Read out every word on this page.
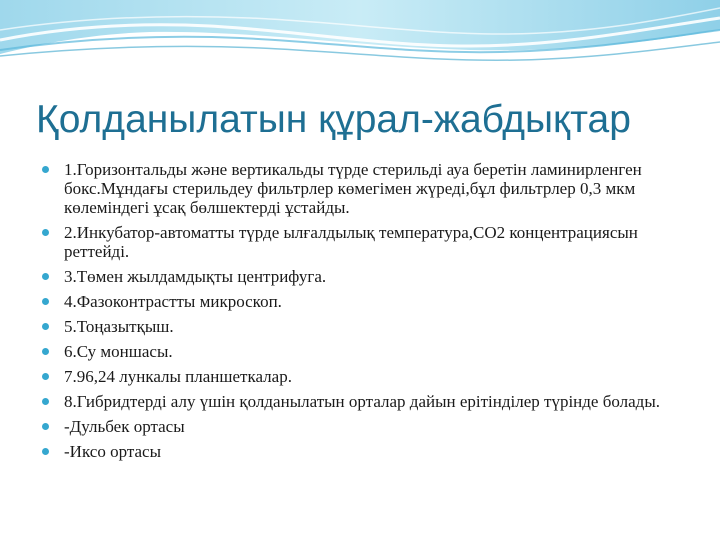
Қолданылатын құрал-жабдықтар
1.Горизонтальды және вертикальды түрде стерильді ауа беретін ламинирленген бокс.Мұндағы стерильдеу фильтрлер көмегімен жүреді,бұл фильтрлер 0,3 мкм көлеміндегі ұсақ бөлшектерді ұстайды.
2.Инкубатор-автоматты түрде ылғалдылық температура,СО2 концентрациясын реттейді.
3.Төмен жылдамдықты центрифуга.
4.Фазоконтрастты микроскоп.
5.Тоңазытқыш.
6.Су моншасы.
7.96,24 лункалы планшеткалар.
8.Гибридтерді алу үшін қолданылатын орталар дайын ерітінділер түрінде болады.
-Дульбек ортасы
-Иксо ортасы
